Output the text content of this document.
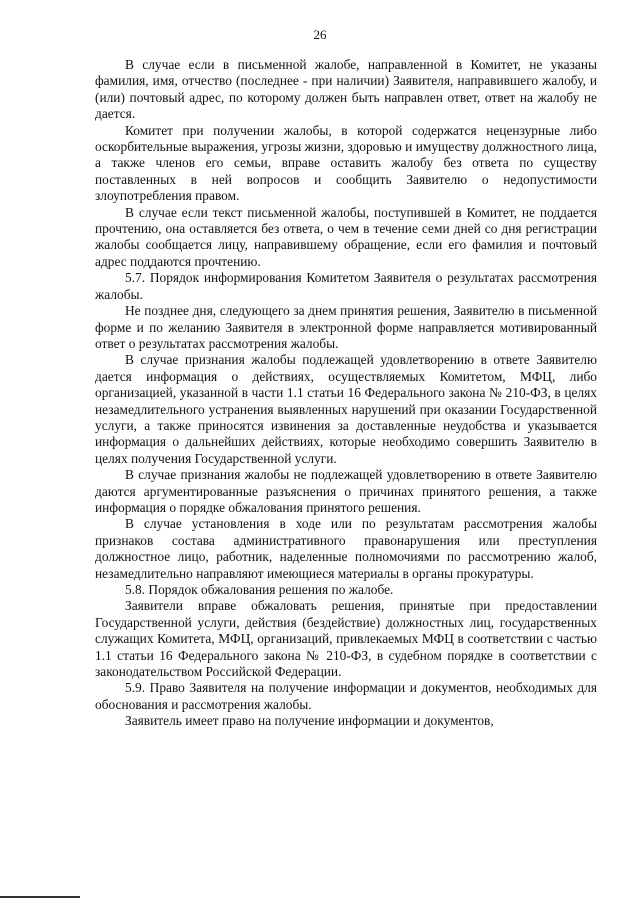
26

В случае если в письменной жалобе, направленной в Комитет, не указаны фамилия, имя, отчество (последнее - при наличии) Заявителя, направившего жалобу, и (или) почтовый адрес, по которому должен быть направлен ответ, ответ на жалобу не дается.

Комитет при получении жалобы, в которой содержатся нецензурные либо оскорбительные выражения, угрозы жизни, здоровью и имуществу должностного лица, а также членов его семьи, вправе оставить жалобу без ответа по существу поставленных в ней вопросов и сообщить Заявителю о недопустимости злоупотребления правом.

В случае если текст письменной жалобы, поступившей в Комитет, не поддается прочтению, она оставляется без ответа, о чем в течение семи дней со дня регистрации жалобы сообщается лицу, направившему обращение, если его фамилия и почтовый адрес поддаются прочтению.

5.7. Порядок информирования Комитетом Заявителя о результатах рассмотрения жалобы.

Не позднее дня, следующего за днем принятия решения, Заявителю в письменной форме и по желанию Заявителя в электронной форме направляется мотивированный ответ о результатах рассмотрения жалобы.

В случае признания жалобы подлежащей удовлетворению в ответе Заявителю дается информация о действиях, осуществляемых Комитетом, МФЦ, либо организацией, указанной в части 1.1 статьи 16 Федерального закона № 210-ФЗ, в целях незамедлительного устранения выявленных нарушений при оказании Государственной услуги, а также приносятся извинения за доставленные неудобства и указывается информация о дальнейших действиях, которые необходимо совершить Заявителю в целях получения Государственной услуги.

В случае признания жалобы не подлежащей удовлетворению в ответе Заявителю даются аргументированные разъяснения о причинах принятого решения, а также информация о порядке обжалования принятого решения.

В случае установления в ходе или по результатам рассмотрения жалобы признаков состава административного правонарушения или преступления должностное лицо, работник, наделенные полномочиями по рассмотрению жалоб, незамедлительно направляют имеющиеся материалы в органы прокуратуры.

5.8. Порядок обжалования решения по жалобе.

Заявители вправе обжаловать решения, принятые при предоставлении Государственной услуги, действия (бездействие) должностных лиц, государственных служащих Комитета, МФЦ, организаций, привлекаемых МФЦ в соответствии с частью 1.1 статьи 16 Федерального закона № 210-ФЗ, в судебном порядке в соответствии с законодательством Российской Федерации.

5.9. Право Заявителя на получение информации и документов, необходимых для обоснования и рассмотрения жалобы.

Заявитель имеет право на получение информации и документов,
